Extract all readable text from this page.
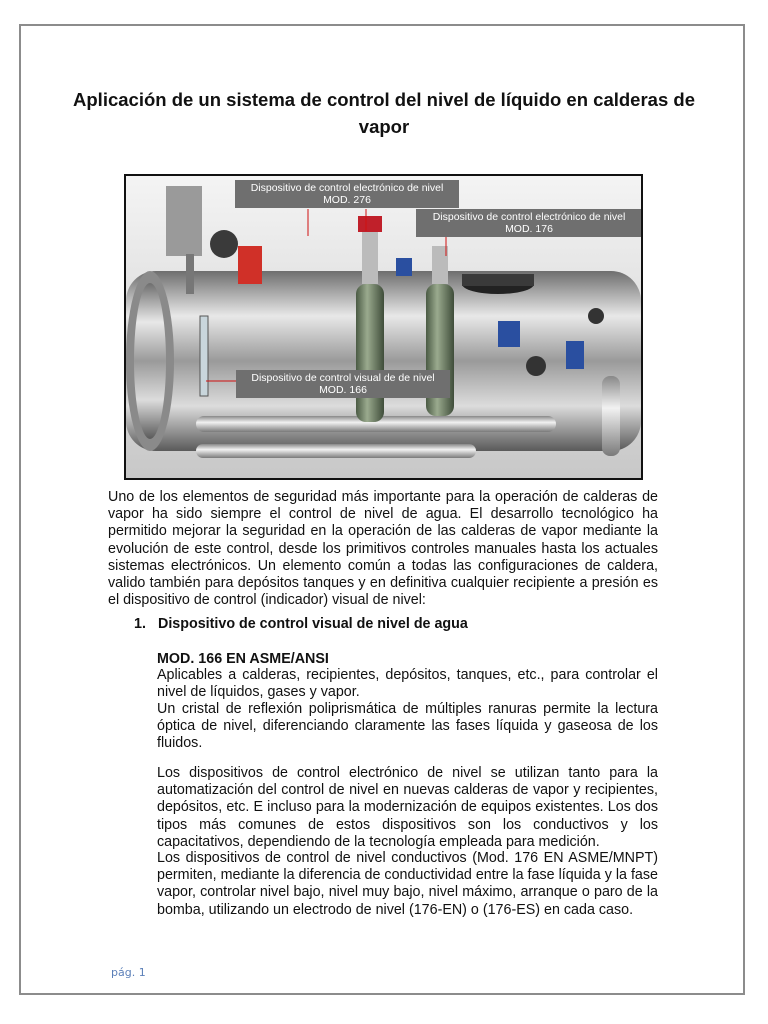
Aplicación de un sistema de control del nivel de líquido en calderas de vapor
Dispositivo de control electrónico de nivel
MOD. 276
Dispositivo de control electrónico de nivel
MOD. 176
Dispositivo de control visual de de nivel
MOD. 166
Uno de los elementos de seguridad más importante para la operación de calderas de vapor ha sido siempre el control de nivel de agua. El desarrollo tecnológico ha permitido mejorar la seguridad en la operación de las calderas de vapor mediante la evolución de este control, desde los primitivos controles manuales hasta los actuales sistemas electrónicos. Un elemento común a todas las configuraciones de caldera, valido también para depósitos tanques y en definitiva cualquier recipiente a presión es el dispositivo de control (indicador) visual de nivel:
1. Dispositivo de control visual de nivel de agua
MOD. 166 EN ASME/ANSI
Aplicables a calderas, recipientes, depósitos, tanques, etc., para controlar el nivel de líquidos, gases y vapor.
Un cristal de reflexión poliprismática de múltiples ranuras permite la lectura óptica de nivel, diferenciando claramente las fases líquida y gaseosa de los fluidos.
Los dispositivos de control electrónico de nivel se utilizan tanto para la automatización del control de nivel en nuevas calderas de vapor y recipientes, depósitos, etc. E incluso para la modernización de equipos existentes. Los dos tipos más comunes de estos dispositivos son los conductivos y los capacitativos, dependiendo de la tecnología empleada para medición.
Los dispositivos de control de nivel conductivos (Mod. 176 EN ASME/MNPT) permiten, mediante la diferencia de conductividad entre la fase líquida y la fase vapor, controlar nivel bajo, nivel muy bajo, nivel máximo, arranque o paro de la bomba, utilizando un electrodo de nivel (176-EN) o (176-ES) en cada caso.
pág. 1
